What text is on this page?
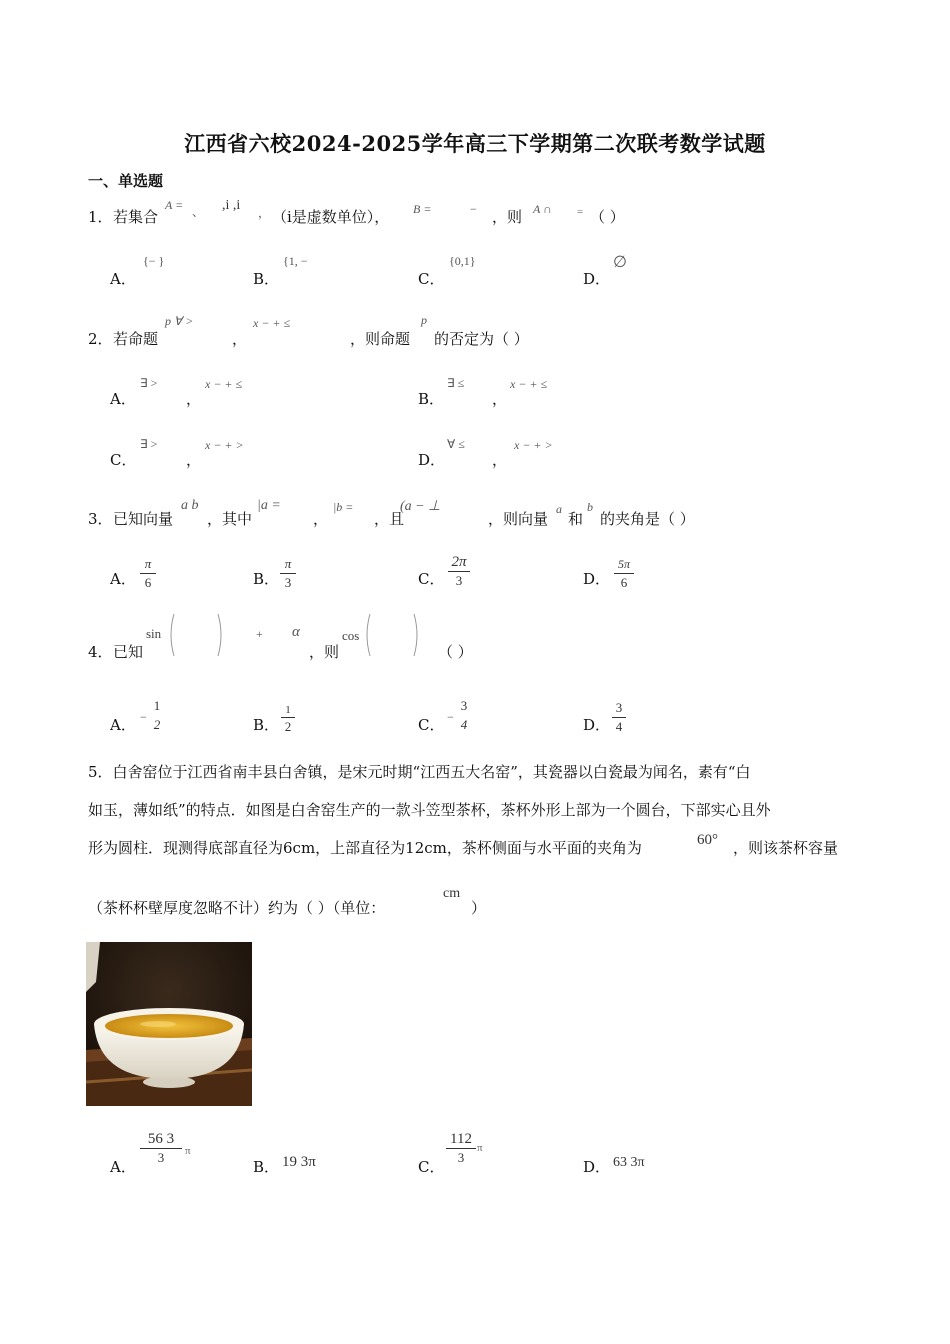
江西省六校2024-2025学年高三下学期第二次联考数学试题
一、单选题
1． 若集合
A = 、 ,i ,i ， （i是虚数单位）， B =	− ，则 A ∩ = （ ）
A．
{− }
B．
{1, −
C．
{0,1}
D．
∅
2． 若命题
p ∀ >
，
x − + ≤
，则命题
p
的否定为（ ）
A．
∃ >
，
x − + ≤
B．
∃ ≤
，
x − + ≤
C．
∃ >
，
x − + >
D．
∀ ≤
，
x − + >
3． 已知向量
a b
，其中
|a =
，
|b =
，且
(a − ⊥
，则向量
a
和
b
的夹角是（ ）
A．
π
6	B．
π
3	C．
2π
3	D．
5π
6
4． 已知
sin	+ α
，则
cos
（ ）
A． −
1
2	B．
1
2	C． −
3
4	D．
3
4
5．白舍窑位于江西省南丰县白舍镇，是宋元时期“江西五大名窑”，其瓷器以白瓷最为闻名，素有“白
如玉，薄如纸”的特点．如图是白舍窑生产的一款斗笠型茶杯，茶杯外形上部为一个圆台，下部实心且外
形为圆柱．现测得底部直径为6cm，上部直径为12cm，茶杯侧面与水平面的夹角为	60° ，则该茶杯容量
（茶杯杯壁厚度忽略不计）约为（ ）（单位：
cm
）
A．
56 3
3	π
B． 19 3π	C．
112
3
π
D． 63 3π
